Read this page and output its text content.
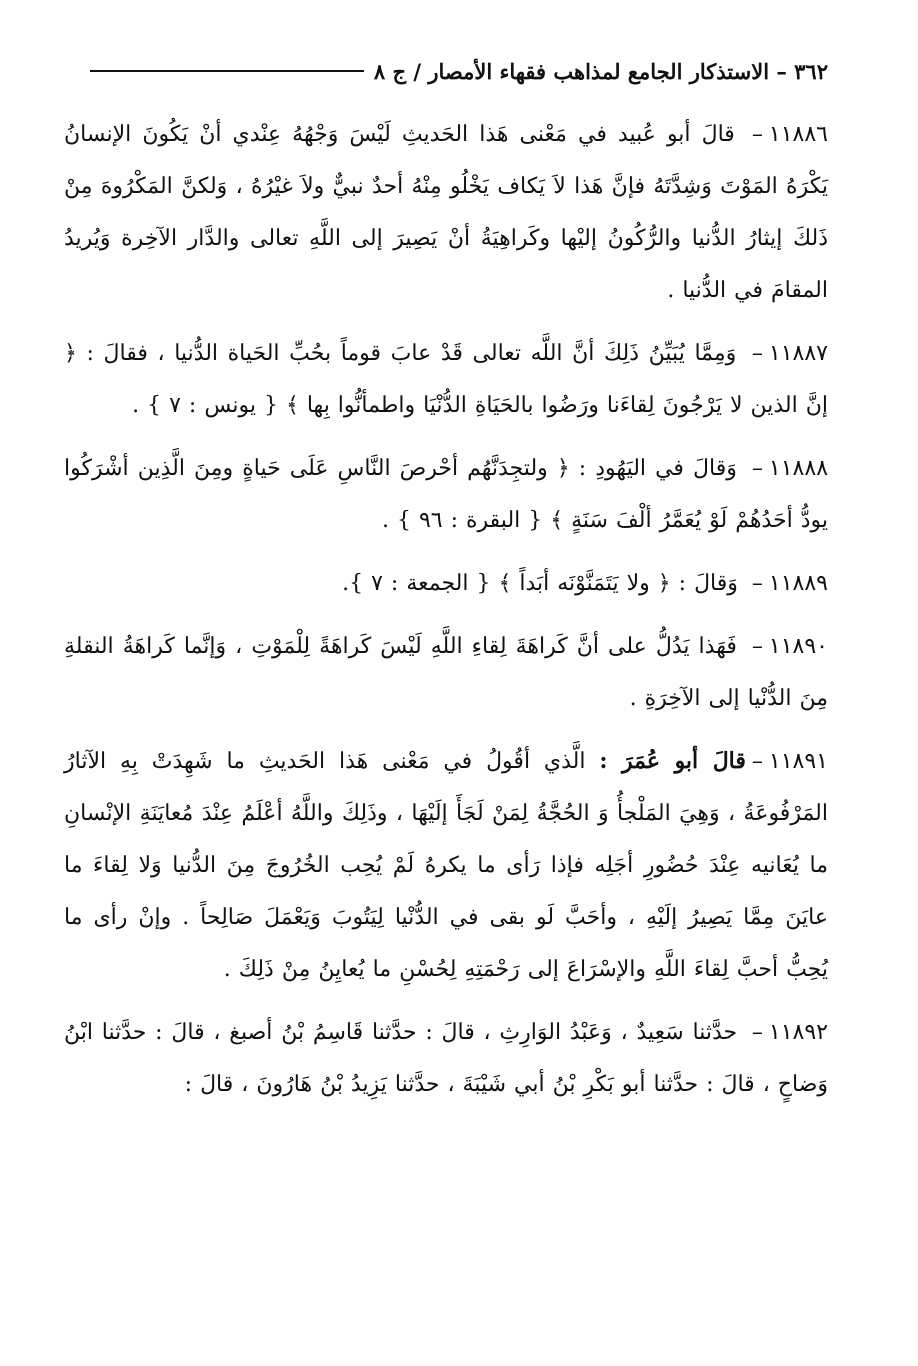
٣٦٢ – الاستذكار الجامع لمذاهب فقهاء الأمصار / ج ٨

١١٨٨٦– قالَ أبو عُبيد في مَعْنى هَذا الحَديثِ لَيْسَ وَجْهُهُ عِنْدي أنْ يَكُونَ الإنسانُ يَكْرَهُ المَوْتَ وَشِدَّتَهُ فإنَّ هَذا لاَ يَكاف يَخْلُو مِنْهُ أحدٌ نبيٌّ ولاَ غيْرُهُ ، وَلكنَّ المَكْرُوهَ مِنْ ذَلكَ إيثارُ الدُّنيا والرُّكُونُ إليْها وكَراهِيَةُ أنْ يَصِيرَ إلى اللَّهِ تعالى والدَّار الآخِرة وَيُريدُ المقامَ في الدُّنيا .

١١٨٨٧– وَمِمَّا يُبَيِّنُ ذَلِكَ أنَّ اللَّه تعالى قَدْ عابَ قوماً بحُبِّ الحَياة الدُّنيا ، فقالَ : ﴿ إنَّ الذين لا يَرْجُونَ لِقاءَنا ورَضُوا بالحَيَاةِ الدُّنْيَا واطمأنُّوا بِها ﴾ { يونس : ٧ } .

١١٨٨٨– وَقالَ في اليَهُودِ : ﴿ ولتجِدَنَّهُم أحْرصَ النَّاسِ عَلَى حَياةٍ ومِنَ الَّذِين أشْرَكُوا يودُّ أحَدُهُمْ لَوْ يُعَمَّرُ ألْفَ سَنَةٍ ﴾ { البقرة : ٩٦ } .

١١٨٨٩– وَقالَ : ﴿ ولا يَتَمَنَّوْنَه أبَداً ﴾ { الجمعة : ٧ }.

١١٨٩٠– فَهَذا يَدُلُّ على أنَّ كَراهَةَ لِقاءِ اللَّهِ لَيْسَ كَراهَةً لِلْمَوْتِ ، وَإنَّما كَراهَةُ النقلةِ مِنَ الدُّنْيا إلى الآخِرَةِ .

١١٨٩١–قالَ أبو عُمَرَ : الَّذي أقُولُ في مَعْنى هَذا الحَديثِ ما شَهِدَتْ بِهِ الآثارُ المَرْفُوعَةُ ، وَهِيَ المَلْجأُ وَ الحُجَّةُ لِمَنْ لَجَأَ إلَيْهَا ، وذَلِكَ واللَّهُ أعْلَمُ عِنْدَ مُعايَنَةِ الإنْسانِ ما يُعَانيه عِنْدَ حُضُورِ أجَلِه فإذا رَأى ما يكرهُ لَمْ يُحِب الخُرُوجَ مِنَ الدُّنيا وَلا لِقاءَ ما عايَنَ مِمَّا يَصِيرُ إلَيْهِ ، وأحَبَّ لَو بقى في الدُّنْيا لِيَتُوبَ وَيَعْمَلَ صَالِحاً . وإنْ رأى ما يُحِبُّ أحبَّ لِقاءَ اللَّهِ والإسْرَاعَ إلى رَحْمَتِهِ لِحُسْنِ ما يُعايِنُ مِنْ ذَلِكَ .

١١٨٩٢– حدَّثنا سَعِيدٌ ، وَعَبْدُ الوَارِثِ ، قالَ : حدَّثنا قَاسِمُ بْنُ أصبغ ، قالَ : حدَّثنا ابْنُ وَضاحٍ ، قالَ : حدَّثنا أبو بَكْرِ بْنُ أبي شَيْبَةَ ، حدَّثنا يَزِيدُ بْنُ هَارُونَ ، قالَ :
